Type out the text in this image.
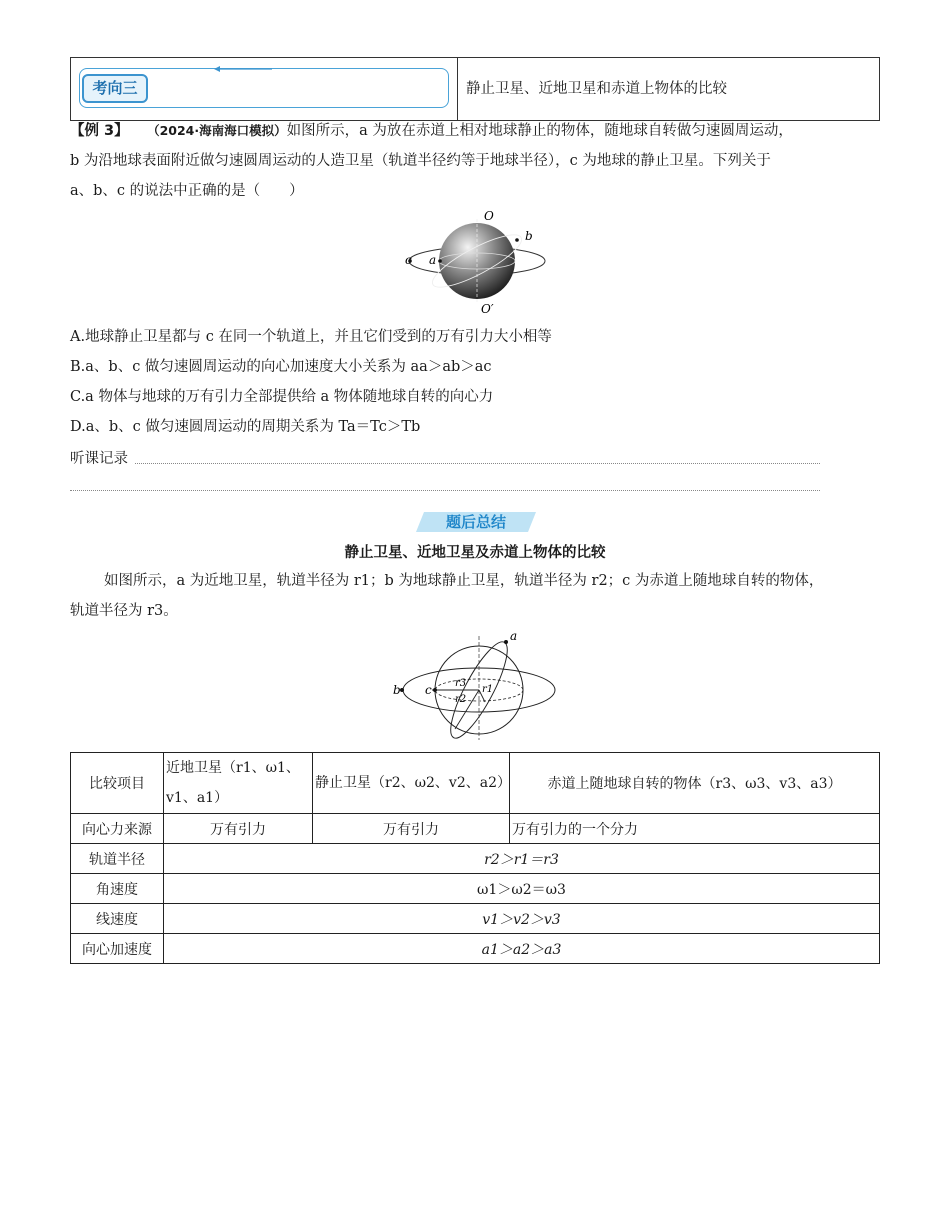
考向三	静止卫星、近地卫星和赤道上物体的比较
【例 3】 （2024·海南海口模拟）如图所示，a 为放在赤道上相对地球静止的物体，随地球自转做匀速圆周运动，
b 为沿地球表面附近做匀速圆周运动的人造卫星（轨道半径约等于地球半径），c 为地球的静止卫星。下列关于
a、b、c 的说法中正确的是（　　）
O
O′
b
a
c
A.地球静止卫星都与 c 在同一个轨道上，并且它们受到的万有引力大小相等
B.a、b、c 做匀速圆周运动的向心加速度大小关系为 aa＞ab＞ac
C.a 物体与地球的万有引力全部提供给 a 物体随地球自转的向心力
D.a、b、c 做匀速圆周运动的周期关系为 Ta＝Tc＞Tb
听课记录
题后总结
静止卫星、近地卫星及赤道上物体的比较
如图所示，a 为近地卫星，轨道半径为 r1；b 为地球静止卫星，轨道半径为 r2；c 为赤道上随地球自转的物体，
轨道半径为 r3。
a
b c r3
r2
r1
比较项目	近地卫星（r1、ω1、v1、a1）	静止卫星（r2、ω2、v2、a2）	赤道上随地球自转的物体（r3、ω3、v3、a3）
向心力来源	万有引力	万有引力	万有引力的一个分力
轨道半径	r2＞r1＝r3		
角速度	ω1＞ω2＝ω3		
线速度	v1＞v2＞v3		
向心加速度	a1＞a2＞a3		
